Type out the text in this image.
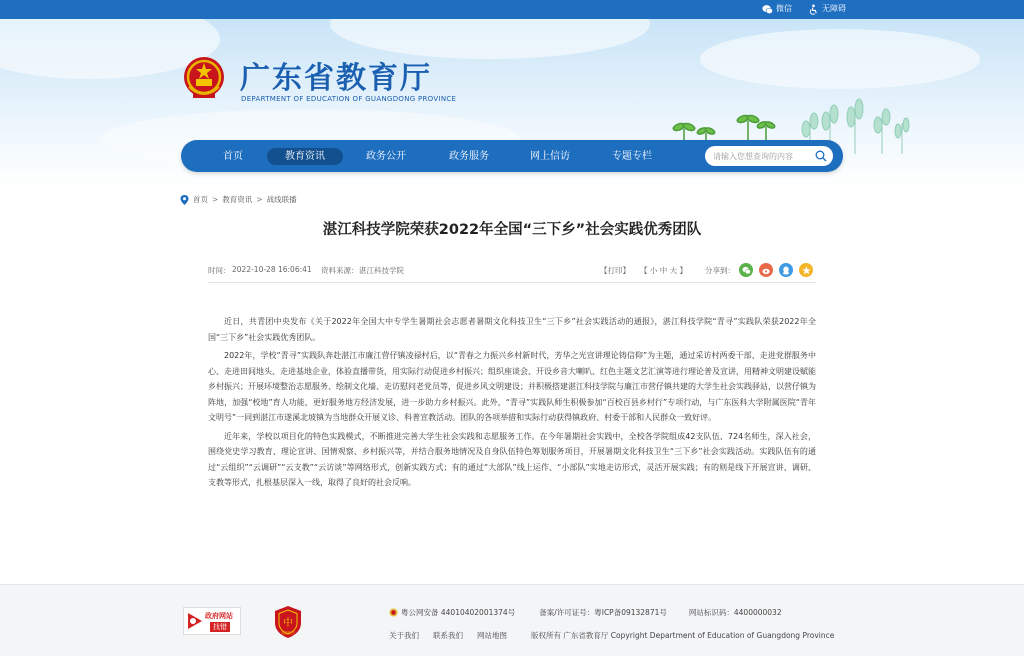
微信	无障碍
广东省教育厅
DEPARTMENT OF EDUCATION OF GUANGDONG PROVINCE
首页	教育资讯	政务公开	政务服务	网上信访	专题专栏
请输入您想查询的内容
首页 > 教育资讯 > 战线联播
湛江科技学院荣获2022年全国“三下乡”社会实践优秀团队
时间： 2022-10-28 16:06:41 资料来源： 湛江科技学院	【打印】 【 小 中 大 】 分享到：

近日，共青团中央发布《关于2022年全国大中专学生暑期社会志愿者暑期文化科技卫生“三下乡”社会实践活动的通报》，湛江科技学院“青寻”实践队荣获2022年全国“三下乡”社会实践优秀团队。

2022年，学校“青寻”实践队奔赴湛江市廉江营仔镇凌禄村后，以“青春之力振兴乡村新时代，芳华之光宣讲理论铸信仰”为主题，通过采访村两委干部、走进党群服务中心、走进田间地头、走进基地企业，体验直播带货，用实际行动促进乡村振兴；组织座谈会、开设乡音大喇叭、红色主题文艺汇演等进行理论普及宣讲，用精神文明建设赋能乡村振兴；开展环境整治志愿服务、绘制文化墙、走访慰问老党员等，促进乡风文明建设；并积极搭建湛江科技学院与廉江市营仔镇共建的大学生社会实践驿站，以营仔镇为阵地，加强“校地”育人功能，更好服务地方经济发展，进一步助力乡村振兴。此外，“青寻”实践队师生积极参加“百校百县乡村行”专项行动，与广东医科大学附属医院“青年文明号”一同到湛江市遂溪北坡镇为当地群众开展义诊、科普宣教活动。团队的各项举措和实际行动获得镇政府、村委干部和人民群众一致好评。

近年来，学校以项目化的特色实践模式，不断推进完善大学生社会实践和志愿服务工作。在今年暑期社会实践中，全校各学院组成42支队伍、724名师生，深入社会，围绕党史学习教育、理论宣讲、国情观察、乡村振兴等，并结合服务地情况及自身队伍特色筹划服务项目，开展暑期文化科技卫生“三下乡”社会实践活动。实践队伍有的通过“云组织”“云调研”“云支教”“云访谈”等网络形式，创新实践方式；有的通过“大部队”线上运作、“小部队”实地走访形式，灵活开展实践；有的则是线下开展宣讲、调研、支教等形式，扎根基层深入一线，取得了良好的社会反响。

政府网站
找错	中
党政机关
粤公网安备 44010402001374号	备案/许可证号：粤ICP备09132871号	网站标识码：4400000032
关于我们 联系我们 网站地图	版权所有 广东省教育厅 Copyright Department of Education of Guangdong Province
